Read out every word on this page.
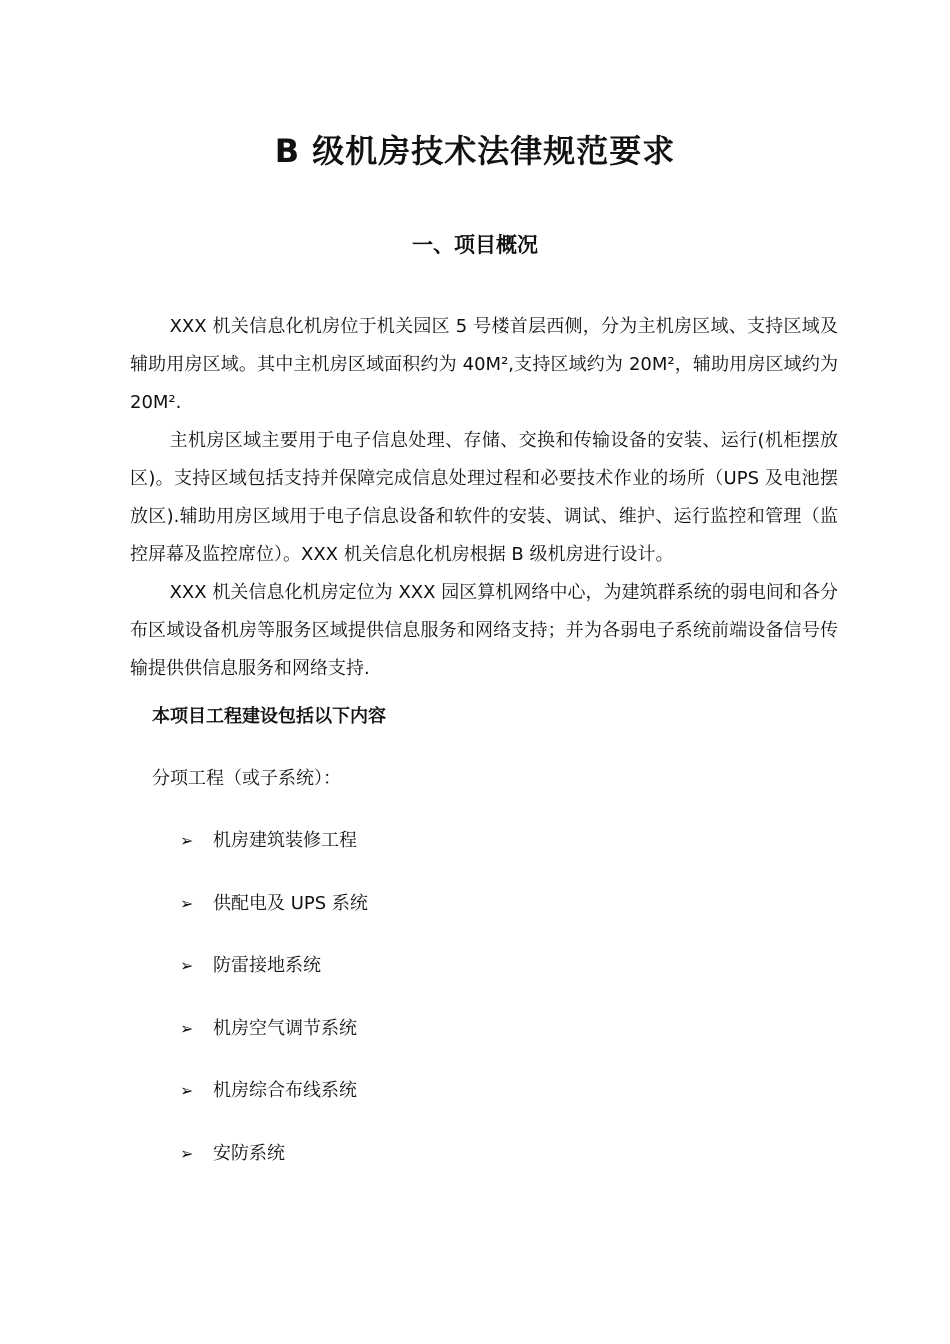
B 级机房技术法律规范要求
一、项目概况

XXX 机关信息化机房位于机关园区 5 号楼首层西侧，分为主机房区域、支持区域及辅助用房区域。其中主机房区域面积约为 40M²,支持区域约为 20M²，辅助用房区域约为 20M².

主机房区域主要用于电子信息处理、存储、交换和传输设备的安装、运行(机柜摆放区)。支持区域包括支持并保障完成信息处理过程和必要技术作业的场所（UPS 及电池摆放区).辅助用房区域用于电子信息设备和软件的安装、调试、维护、运行监控和管理（监控屏幕及监控席位）。XXX 机关信息化机房根据 B 级机房进行设计。

XXX 机关信息化机房定位为 XXX 园区算机网络中心，为建筑群系统的弱电间和各分布区域设备机房等服务区域提供信息服务和网络支持；并为各弱电子系统前端设备信号传输提供供信息服务和网络支持.

本项目工程建设包括以下内容
分项工程（或子系统）：
➢	机房建筑装修工程
➢	供配电及 UPS 系统
➢	防雷接地系统
➢	机房空气调节系统
➢	机房综合布线系统
➢	安防系统
